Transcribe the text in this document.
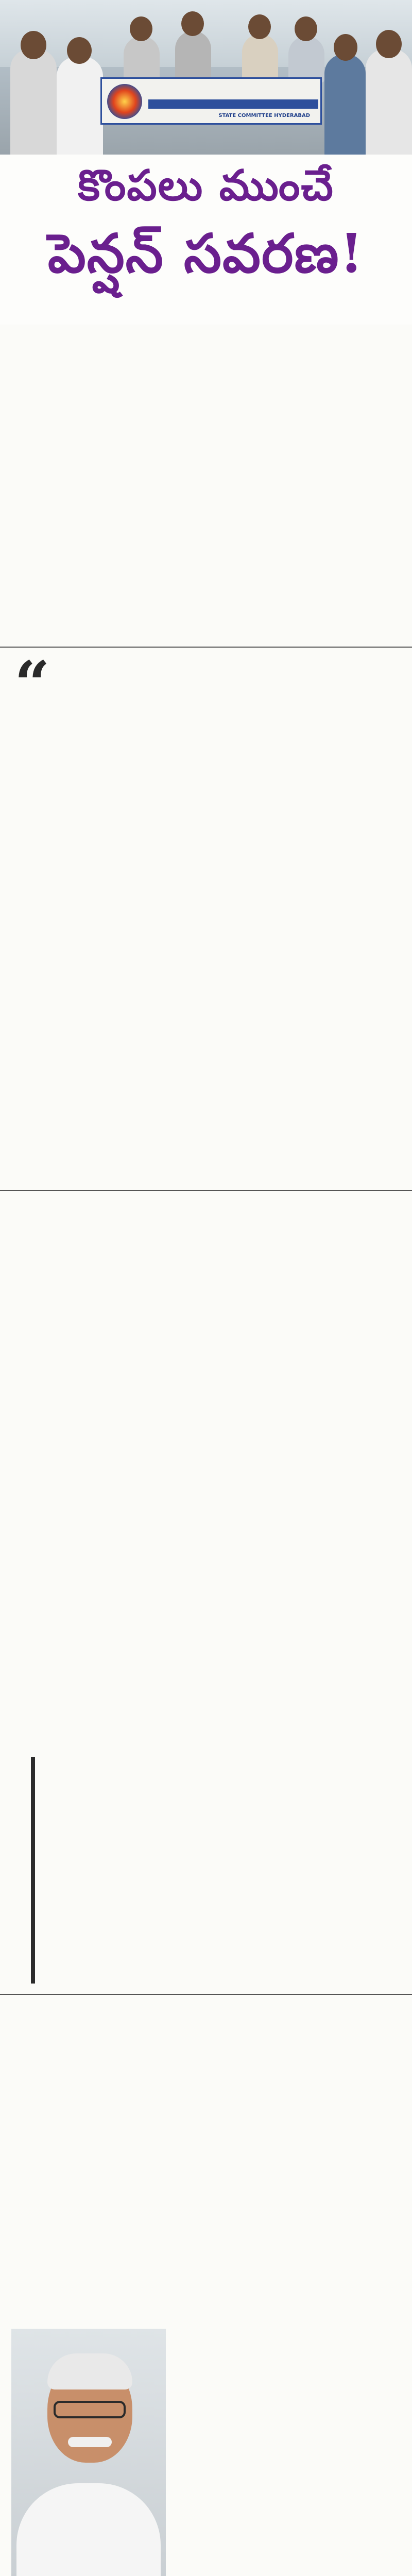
STATE COMMITTEE HYDERABAD
కొంపలు ముంచే
పెన్షన్ సవరణ!
“
